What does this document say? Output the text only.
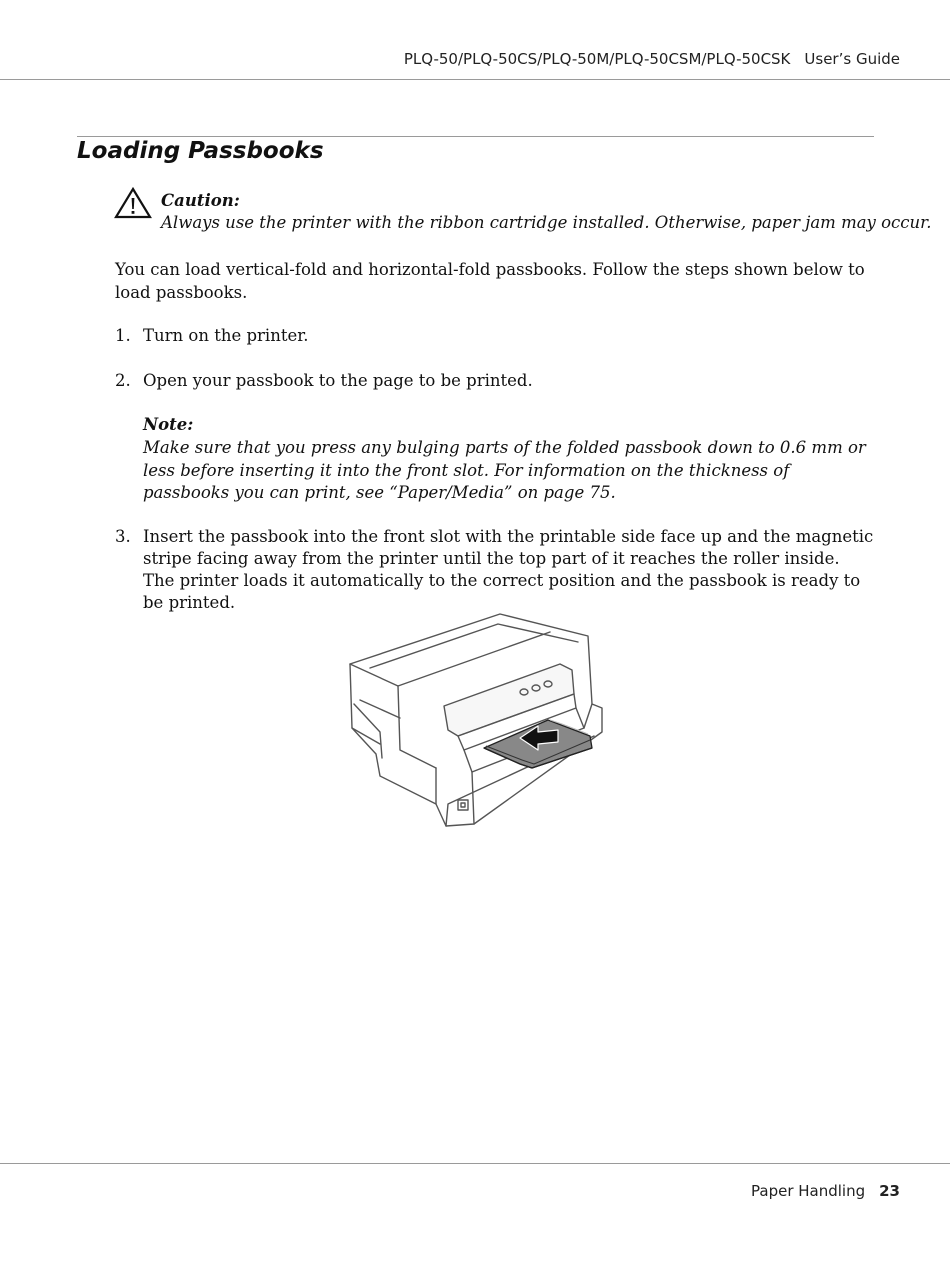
PLQ-50/PLQ-50CS/PLQ-50M/PLQ-50CSM/PLQ-50CSK User’s Guide
Loading Passbooks
Caution:
Always use the printer with the ribbon cartridge installed. Otherwise, paper jam may occur.

You can load vertical-fold and horizontal-fold passbooks. Follow the steps shown below to load passbooks.

1. Turn on the printer.
2. Open your passbook to the page to be printed.
Note:

Make sure that you press any bulging parts of the folded passbook down to 0.6 mm or less before inserting it into the front slot. For information on the thickness of passbooks you can print, see “Paper/Media” on page 75.

3. Insert the passbook into the front slot with the printable side face up and the magnetic stripe facing away from the printer until the top part of it reaches the roller inside. The printer loads it automatically to the correct position and the passbook is ready to be printed.
Paper Handling 23
